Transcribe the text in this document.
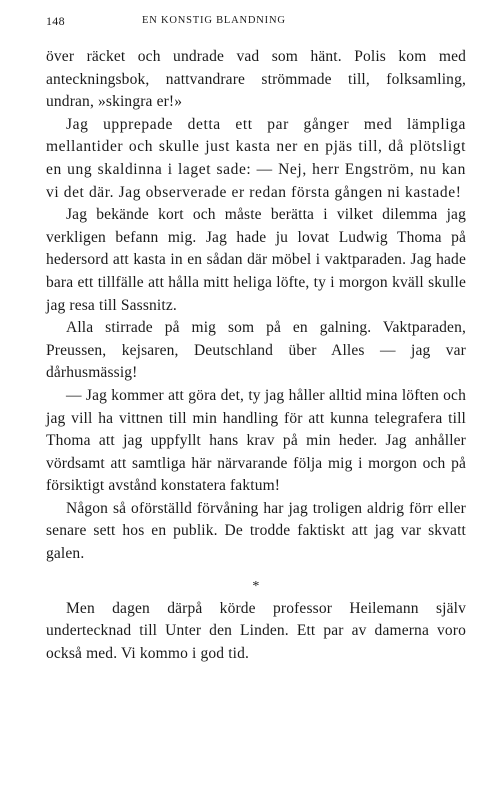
148	EN KONSTIG BLANDNING

över räcket och undrade vad som hänt. Polis kom med anteckningsbok, nattvandrare strömmade till, folksamling, undran, »skingra er!»

Jag upprepade detta ett par gånger med lämpliga mellantider och skulle just kasta ner en pjäs till, då plötsligt en ung skaldinna i laget sade: — Nej, herr Engström, nu kan vi det där. Jag observerade er redan första gången ni kastade!

Jag bekände kort och måste berätta i vilket dilemma jag verkligen befann mig. Jag hade ju lovat Ludwig Thoma på hedersord att kasta in en sådan där möbel i vaktparaden. Jag hade bara ett tillfälle att hålla mitt heliga löfte, ty i morgon kväll skulle jag resa till Sassnitz.

Alla stirrade på mig som på en galning. Vaktparaden, Preussen, kejsaren, Deutschland über Alles — jag var dårhusmässig!

— Jag kommer att göra det, ty jag håller alltid mina löften och jag vill ha vittnen till min handling för att kunna telegrafera till Thoma att jag uppfyllt hans krav på min heder. Jag anhåller vördsamt att samtliga här närvarande följa mig i morgon och på försiktigt avstånd konstatera faktum!

Någon så oförställd förvåning har jag troligen aldrig förr eller senare sett hos en publik. De trodde faktiskt att jag var skvatt galen.

*

Men dagen därpå körde professor Heilemann själv undertecknad till Unter den Linden. Ett par av damerna voro också med. Vi kommo i god tid.
